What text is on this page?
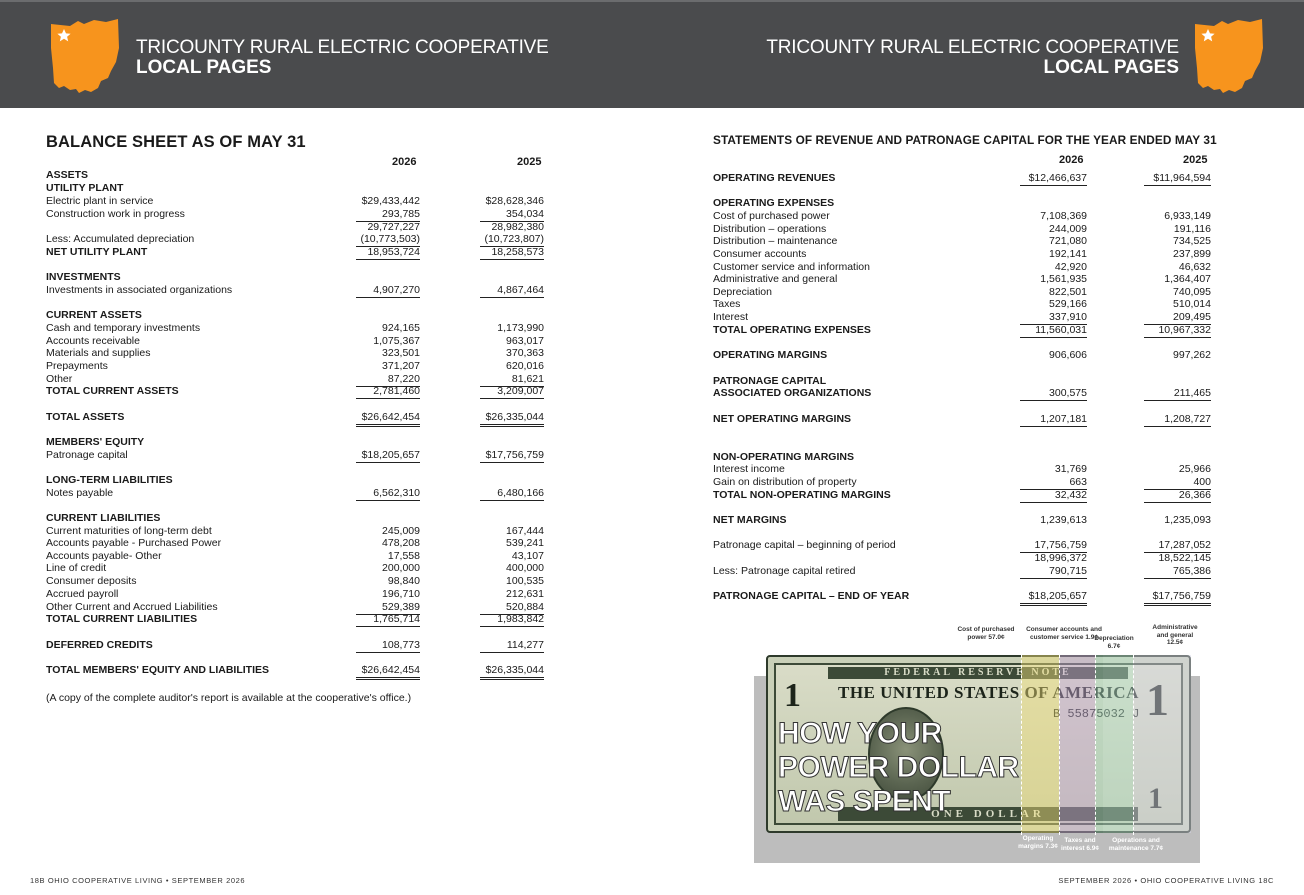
TRICOUNTY RURAL ELECTRIC COOPERATIVE
LOCAL PAGES
TRICOUNTY RURAL ELECTRIC COOPERATIVE
LOCAL PAGES
BALANCE SHEET AS OF MAY 31
2026	2025
ASSETS
UTILITY PLANT
Electric plant in service	$29,433,442	$28,628,346
Construction work in progress	293,785	354,034
29,727,227	28,982,380
Less: Accumulated depreciation	(10,773,503)	(10,723,807)
NET UTILITY PLANT	18,953,724	18,258,573
INVESTMENTS
Investments in associated organizations	4,907,270	4,867,464
CURRENT ASSETS
Cash and temporary investments	924,165	1,173,990
Accounts receivable	1,075,367	963,017
Materials and supplies	323,501	370,363
Prepayments	371,207	620,016
Other	87,220	81,621
TOTAL CURRENT ASSETS	2,781,460	3,209,007
TOTAL ASSETS	$26,642,454	$26,335,044
MEMBERS' EQUITY
Patronage capital	$18,205,657	$17,756,759
LONG-TERM LIABILITIES
Notes payable	6,562,310	6,480,166
CURRENT LIABILITIES
Current maturities of long-term debt	245,009	167,444
Accounts payable - Purchased Power	478,208	539,241
Accounts payable- Other	17,558	43,107
Line of credit	200,000	400,000
Consumer deposits	98,840	100,535
Accrued payroll	196,710	212,631
Other Current and Accrued Liabilities	529,389	520,884
TOTAL CURRENT LIABILITIES	1,765,714	1,983,842
DEFERRED CREDITS	108,773	114,277
TOTAL MEMBERS' EQUITY AND LIABILITIES	$26,642,454	$26,335,044
(A copy of the complete auditor's report is available at the cooperative's office.)
STATEMENTS OF REVENUE AND PATRONAGE CAPITAL FOR THE YEAR ENDED MAY 31
2026	2025
OPERATING REVENUES	$12,466,637	$11,964,594
OPERATING EXPENSES
Cost of purchased power	7,108,369	6,933,149
Distribution – operations	244,009	191,116
Distribution – maintenance	721,080	734,525
Consumer accounts	192,141	237,899
Customer service and information	42,920	46,632
Administrative and general	1,561,935	1,364,407
Depreciation	822,501	740,095
Taxes	529,166	510,014
Interest	337,910	209,495
TOTAL OPERATING EXPENSES	11,560,031	10,967,332
OPERATING MARGINS	906,606	997,262
PATRONAGE CAPITAL
ASSOCIATED ORGANIZATIONS	300,575	211,465
NET OPERATING MARGINS	1,207,181	1,208,727
NON-OPERATING MARGINS
Interest income	31,769	25,966
Gain on distribution of property	663	400
TOTAL NON-OPERATING MARGINS	32,432	26,366
NET MARGINS	1,239,613	1,235,093
Patronage capital – beginning of period	17,756,759	17,287,052
18,996,372	18,522,145
Less: Patronage capital retired	790,715	765,386
PATRONAGE CAPITAL – END OF YEAR	$18,205,657	$17,756,759
Cost of purchased power 57.0¢
Consumer accounts and customer service 1.9¢
Depreciation 6.7¢
Administrative and general 12.5¢
FEDERAL RESERVE NOTE
THE UNITED STATES OF AMERICA
1	1
1
B 55875032 J
ONE DOLLAR
HOW YOUR
POWER DOLLAR
WAS SPENT
Operating margins 7.3¢
Taxes and interest 6.9¢
Operations and maintenance 7.7¢
18B OHIO COOPERATIVE LIVING • SEPTEMBER 2026	SEPTEMBER 2026 • OHIO COOPERATIVE LIVING 18C
